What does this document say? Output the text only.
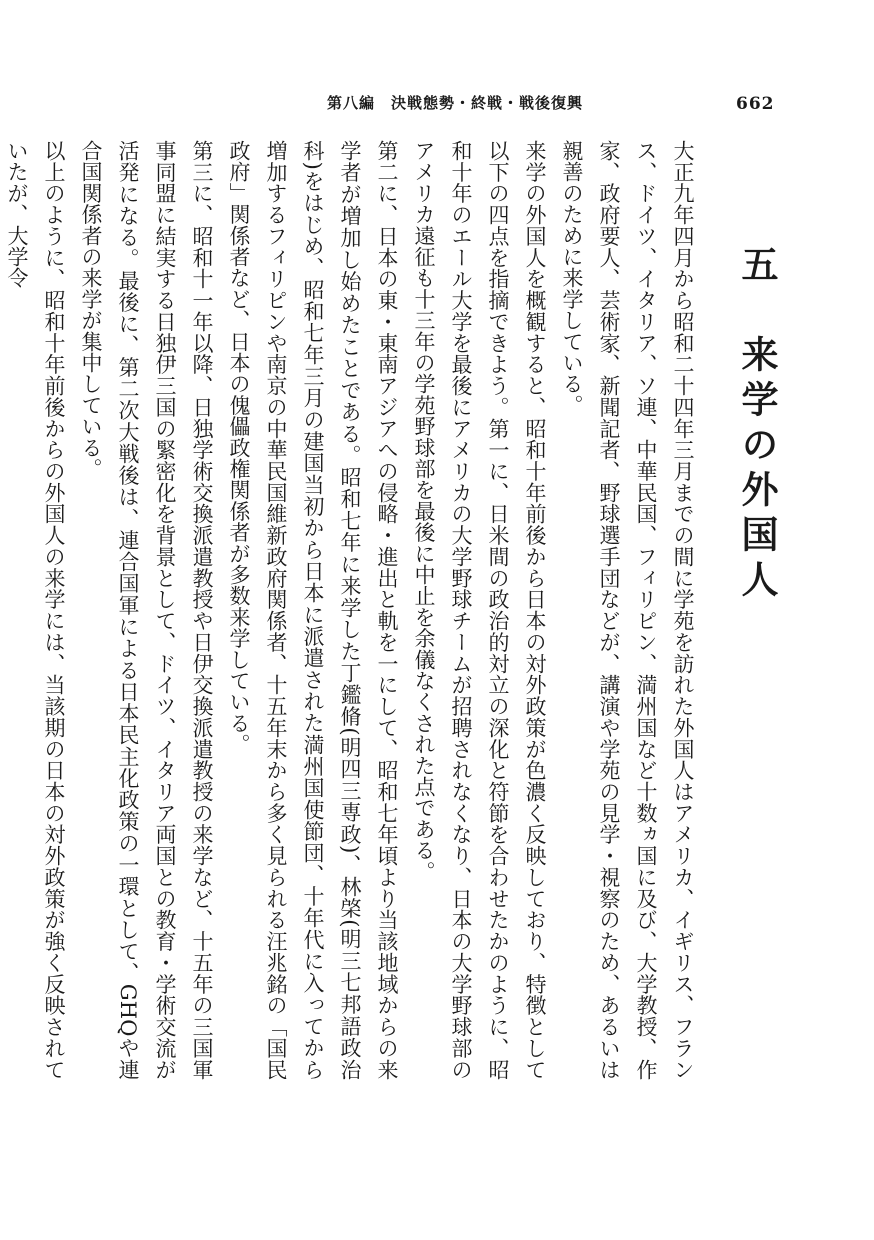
第八編　決戦態勢・終戦・戦後復興	662
五　来学の外国人

大正九年四月から昭和二十四年三月までの間に学苑を訪れた外国人はアメリカ、イギリス、フランス、ドイツ、イタリア、ソ連、中華民国、フィリピン、満州国など十数ヵ国に及び、大学教授、作家、政府要人、芸術家、新聞記者、野球選手団などが、講演や学苑の見学・視察のため、あるいは親善のために来学している。

来学の外国人を概観すると、昭和十年前後から日本の対外政策が色濃く反映しており、特徴として以下の四点を指摘できよう。第一に、日米間の政治的対立の深化と符節を合わせたかのように、昭和十年のエール大学を最後にアメリカの大学野球チームが招聘されなくなり、日本の大学野球部のアメリカ遠征も十三年の学苑野球部を最後に中止を余儀なくされた点である。

第二に、日本の東・東南アジアへの侵略・進出と軌を一にして、昭和七年頃より当該地域からの来学者が増加し始めたことである。昭和七年に来学した丁鑑脩(明四三専政)、林棨(明三七邦語政治科)をはじめ、昭和七年三月の建国当初から日本に派遣された満州国使節団、十年代に入ってから増加するフィリピンや南京の中華民国維新政府関係者、十五年末から多く見られる汪兆銘の「国民政府」関係者など、日本の傀儡政権関係者が多数来学している。

第三に、昭和十一年以降、日独学術交換派遣教授や日伊交換派遣教授の来学など、十五年の三国軍事同盟に結実する日独伊三国の緊密化を背景として、ドイツ、イタリア両国との教育・学術交流が活発になる。最後に、第二次大戦後は、連合国軍による日本民主化政策の一環として、GHQや連合国関係者の来学が集中している。

以上のように、昭和十年前後からの外国人の来学には、当該期の日本の対外政策が強く反映されていたが、大学令
